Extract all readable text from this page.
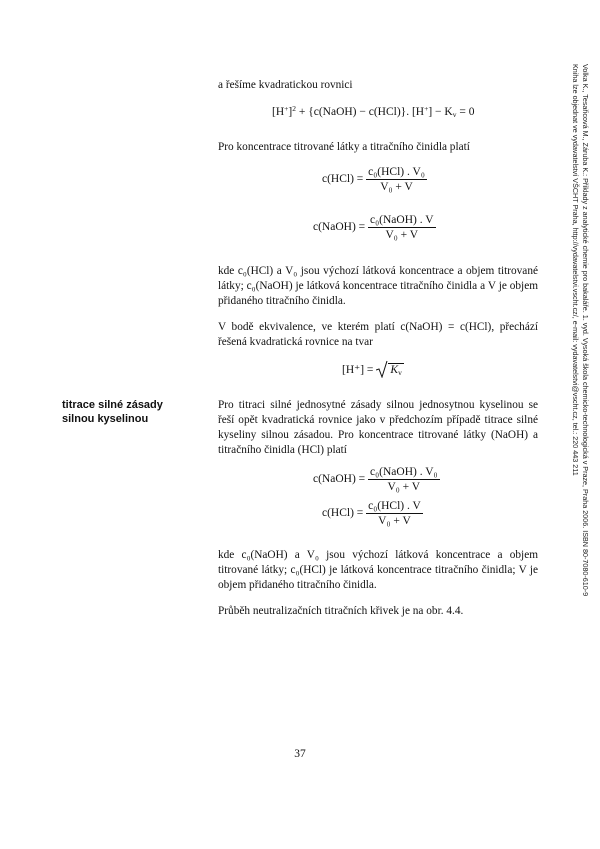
a řešíme kvadratickou rovnici
$[H^+]^2$ + {c(NaOH) − c(HCl)}. $[H^+] - K_v = 0$
Pro koncentrace titrované látky a titračního činidla platí
$c(HCl) = \frac{\text{c₀(HCl) . V₀}}{\text{V₀ + V}}$
c(NaOH) = $\frac{\text{c₀(NaOH) . V}}{\text{V₀ + V}}$
kde c₀(HCl) a V₀ jsou výchozí látková koncentrace a objem titrované látky; c₀(NaOH) je látková koncentrace titračního činidla a V je objem přidaného titračního činidla.
V bodě ekvivalence, ve kterém platí c(NaOH) = c(HCl), přechází řešená kvadratická rovnice na tvar
$[H^+] = K_v$
titrace silné zásady
silnou kyselinou
Pro titraci silné jednosytné zásady silnou jednosytnou kyselinou se řeší opět kvadratická rovnice jako v předchozím případě titrace silné kyseliny silnou zásadou. Pro koncentrace titrované látky (NaOH) a titračního činidla (HCl) platí
c(NaOH) = $\frac{\text{c₀(NaOH) . V₀}}{\text{V₀ + V}}$
$c(HCl) = \frac{\text{c₀(HCl) . V}}{\text{V₀ + V}}$
kde c₀(NaOH) a V₀ jsou výchozí látková koncentrace a objem titrované látky; c₀(HCl) je látková koncentrace titračního činidla; V je objem přidaného titračního činidla.
Průběh neutralizačních titračních křivek je na obr. 4.4.
37
Volka K., Tesařicová M., Záruba K.: Příklady z analytické chemie pro bakaláře. 1. vyd. Vysoká škola chemicko-technologická v Praze, Praha 2006. ISBN 80-7080-610-9
Kniha lze objednat ve vydavatelství VŠCHT Praha, http://vydavatelstvi.vscht.cz/, e-mail: vydavatelstvi@vscht.cz, tel.: 220 443 211
